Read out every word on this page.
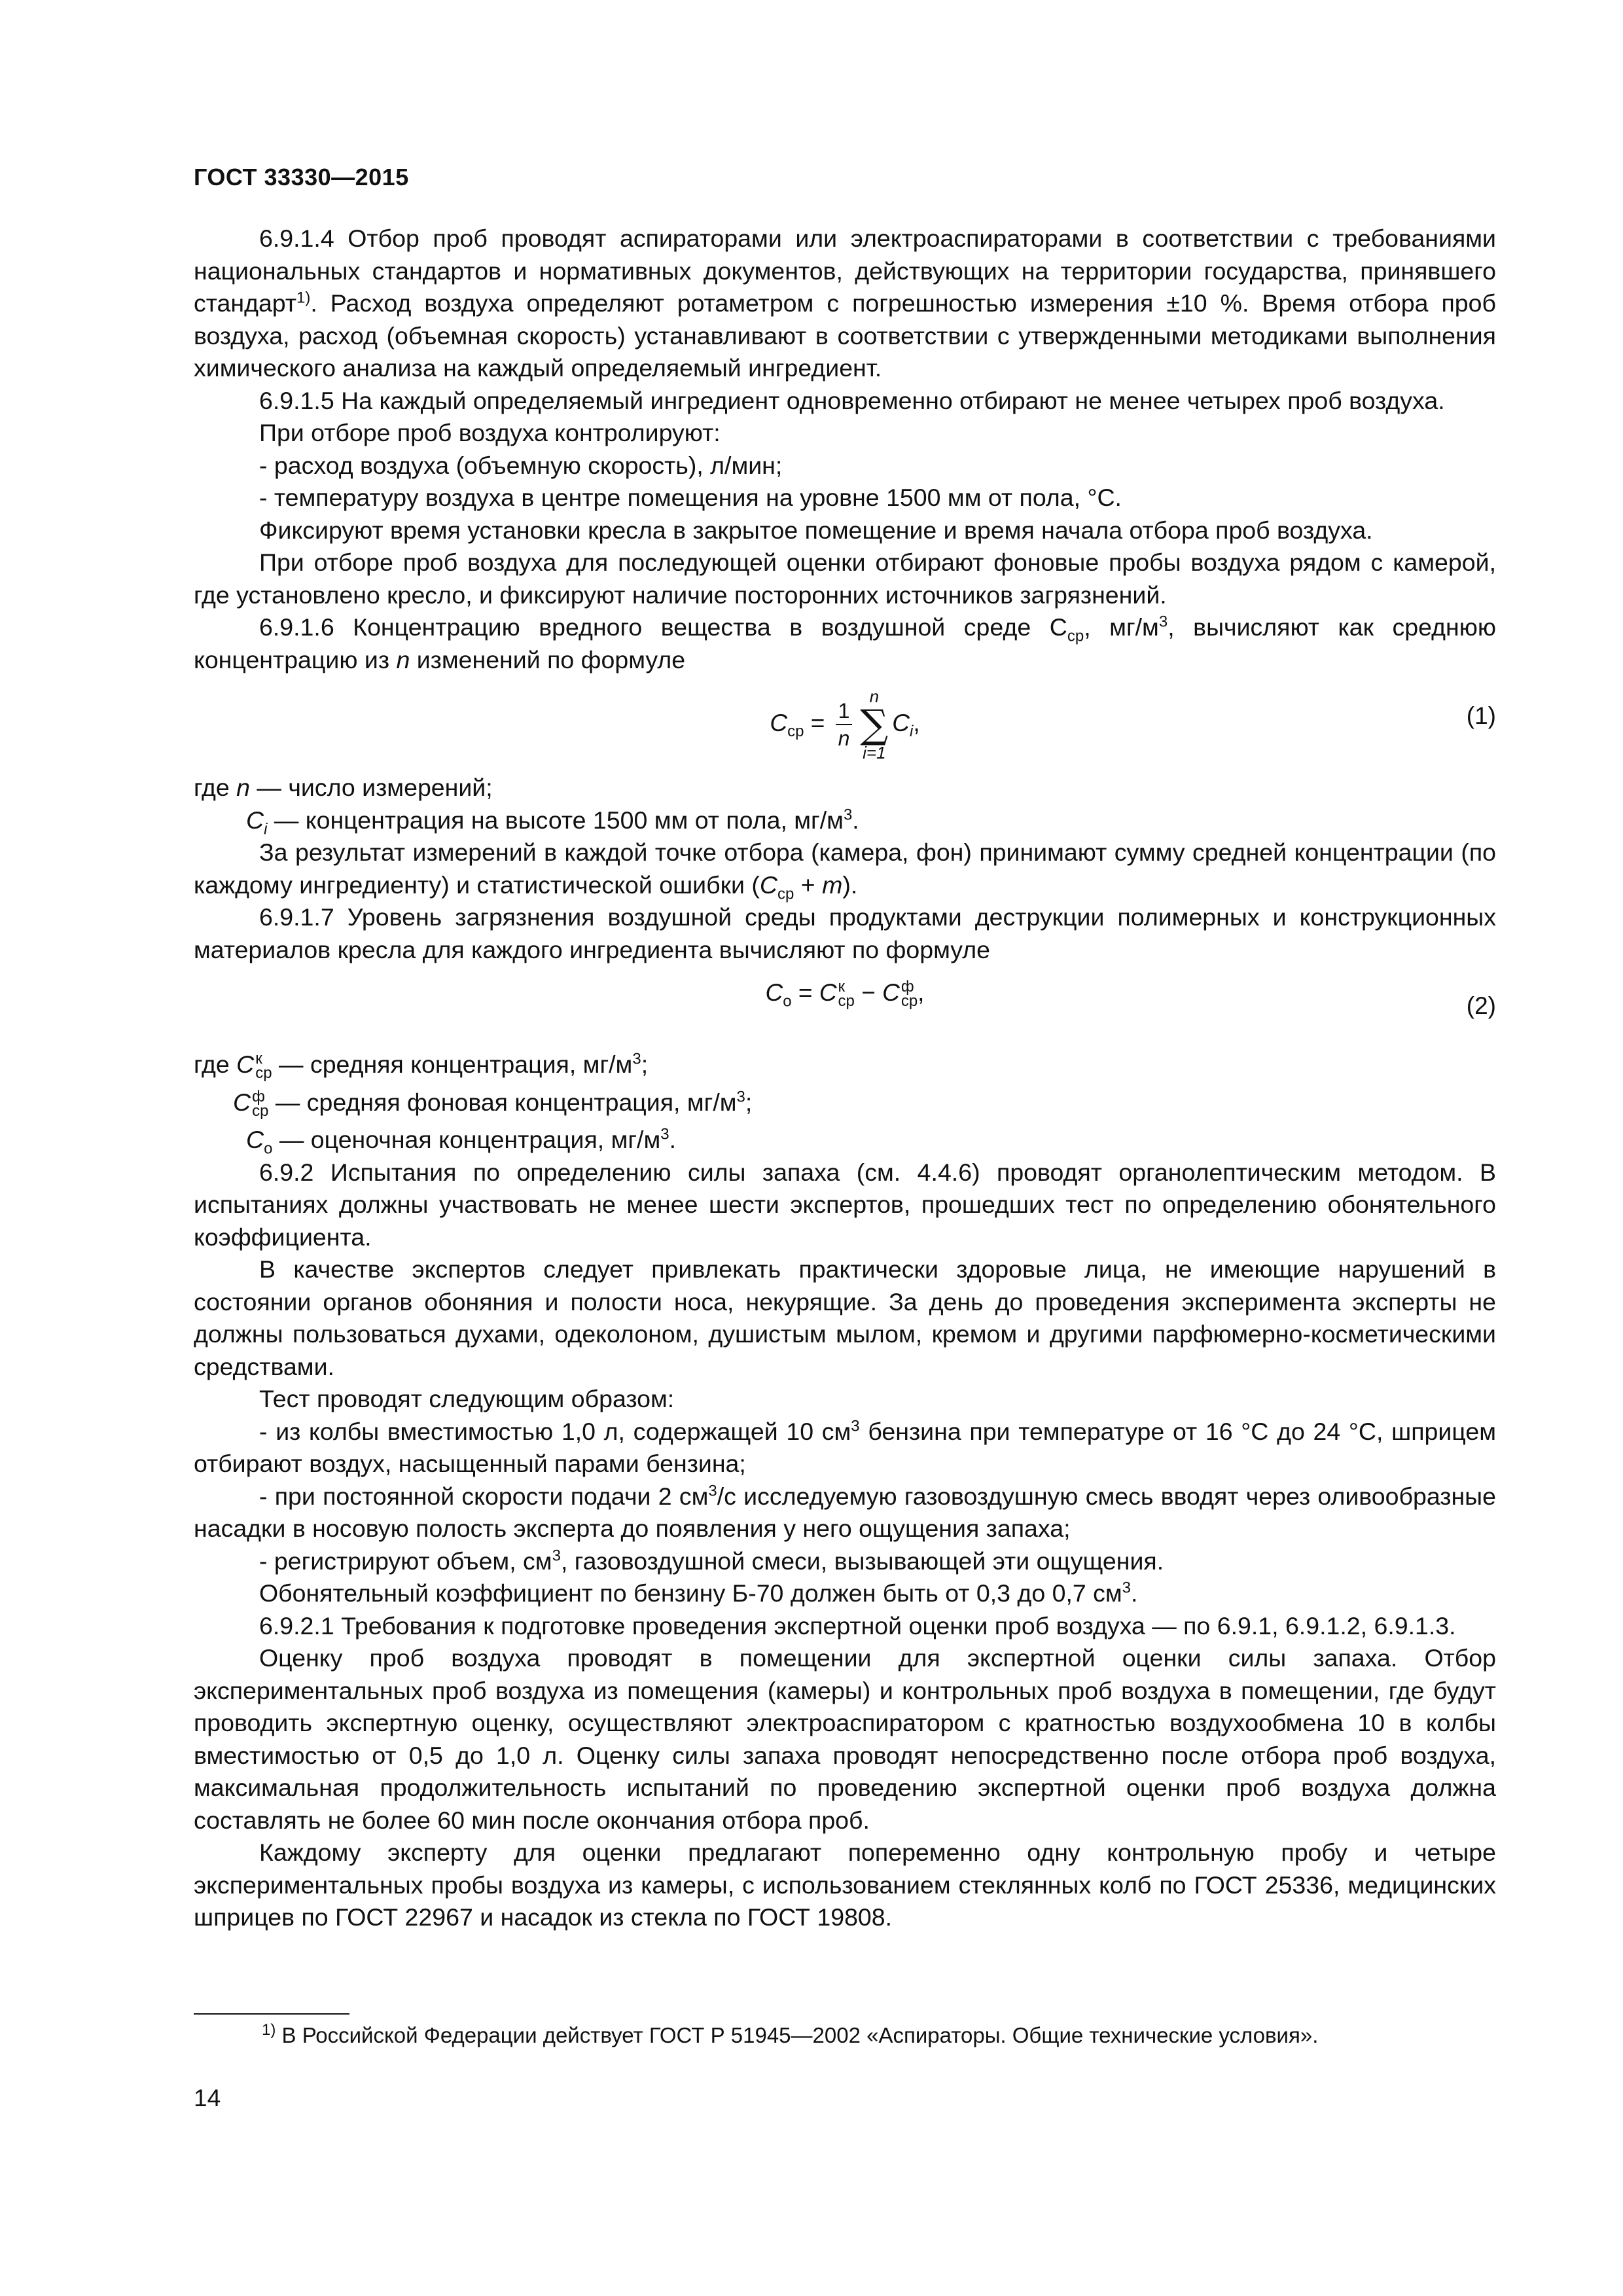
ГОСТ 33330—2015

6.9.1.4 Отбор проб проводят аспираторами или электроаспираторами в соответствии с требованиями национальных стандартов и нормативных документов, действующих на территории государства, принявшего стандарт$^{1)}$. Расход воздуха определяют ротаметром с погрешностью измерения ±10 %. Время отбора проб воздуха, расход (объемная скорость) устанавливают в соответствии с утвержденными методиками выполнения химического анализа на каждый определяемый ингредиент.

6.9.1.5 На каждый определяемый ингредиент одновременно отбирают не менее четырех проб воздуха.

При отборе проб воздуха контролируют:

- расход воздуха (объемную скорость), л/мин;

- температуру воздуха в центре помещения на уровне 1500 мм от пола, °С.

Фиксируют время установки кресла в закрытое помещение и время начала отбора проб воздуха.

При отборе проб воздуха для последующей оценки отбирают фоновые пробы воздуха рядом с камерой, где установлено кресло, и фиксируют наличие посторонних источников загрязнений.

6.9.1.6 Концентрацию вредного вещества в воздушной среде $С_{ср}$, $мг/м^3$, вычисляют как среднюю концентрацию из n изменений по формуле

$C_{ср} = \frac{1}{n}$
n
∑
i=1
$C_i$,	(1)

где n — число измерений;

$C_i$ — концентрация на высоте 1500 мм от пола, $мг/м^3$.

За результат измерений в каждой точке отбора (камера, фон) принимают сумму средней концентрации (по каждому ингредиенту) и статистической ошибки $(C_{ср} + m)$.

6.9.1.7 Уровень загрязнения воздушной среды продуктами деструкции полимерных и конструкционных материалов кресла для каждого ингредиента вычисляют по формуле

$C_о = C$ к
ср − C ф
ср ,	(2)

где C к
ср — средняя концентрация, $мг/м^3$;

C ф
ср — средняя фоновая концентрация, $мг/м^3$;

$C_о$ — оценочная концентрация, $мг/м^3$.

6.9.2 Испытания по определению силы запаха (см. 4.4.6) проводят органолептическим методом. В испытаниях должны участвовать не менее шести экспертов, прошедших тест по определению обонятельного коэффициента.

В качестве экспертов следует привлекать практически здоровые лица, не имеющие нарушений в состоянии органов обоняния и полости носа, некурящие. За день до проведения эксперимента эксперты не должны пользоваться духами, одеколоном, душистым мылом, кремом и другими парфюмерно-косметическими средствами.

Тест проводят следующим образом:

- из колбы вместимостью 1,0 л, содержащей 10 $см^3$ бензина при температуре от 16 °С до 24 °С, шприцем отбирают воздух, насыщенный парами бензина;

- при постоянной скорости подачи 2 $см^3/с$ исследуемую газовоздушную смесь вводят через оливообразные насадки в носовую полость эксперта до появления у него ощущения запаха;

- регистрируют объем, $см^3$, газовоздушной смеси, вызывающей эти ощущения.

Обонятельный коэффициент по бензину Б-70 должен быть от 0,3 до 0,7 $см^3$.

6.9.2.1 Требования к подготовке проведения экспертной оценки проб воздуха — по 6.9.1, 6.9.1.2, 6.9.1.3.

Оценку проб воздуха проводят в помещении для экспертной оценки силы запаха. Отбор экспериментальных проб воздуха из помещения (камеры) и контрольных проб воздуха в помещении, где будут проводить экспертную оценку, осуществляют электроаспиратором с кратностью воздухообмена 10 в колбы вместимостью от 0,5 до 1,0 л. Оценку силы запаха проводят непосредственно после отбора проб воздуха, максимальная продолжительность испытаний по проведению экспертной оценки проб воздуха должна составлять не более 60 мин после окончания отбора проб.

Каждому эксперту для оценки предлагают попеременно одну контрольную пробу и четыре экспериментальных пробы воздуха из камеры, с использованием стеклянных колб по ГОСТ 25336, медицинских шприцев по ГОСТ 22967 и насадок из стекла по ГОСТ 19808.

$^{1)}$ В Российской Федерации действует ГОСТ Р 51945—2002 «Аспираторы. Общие технические условия».
14
